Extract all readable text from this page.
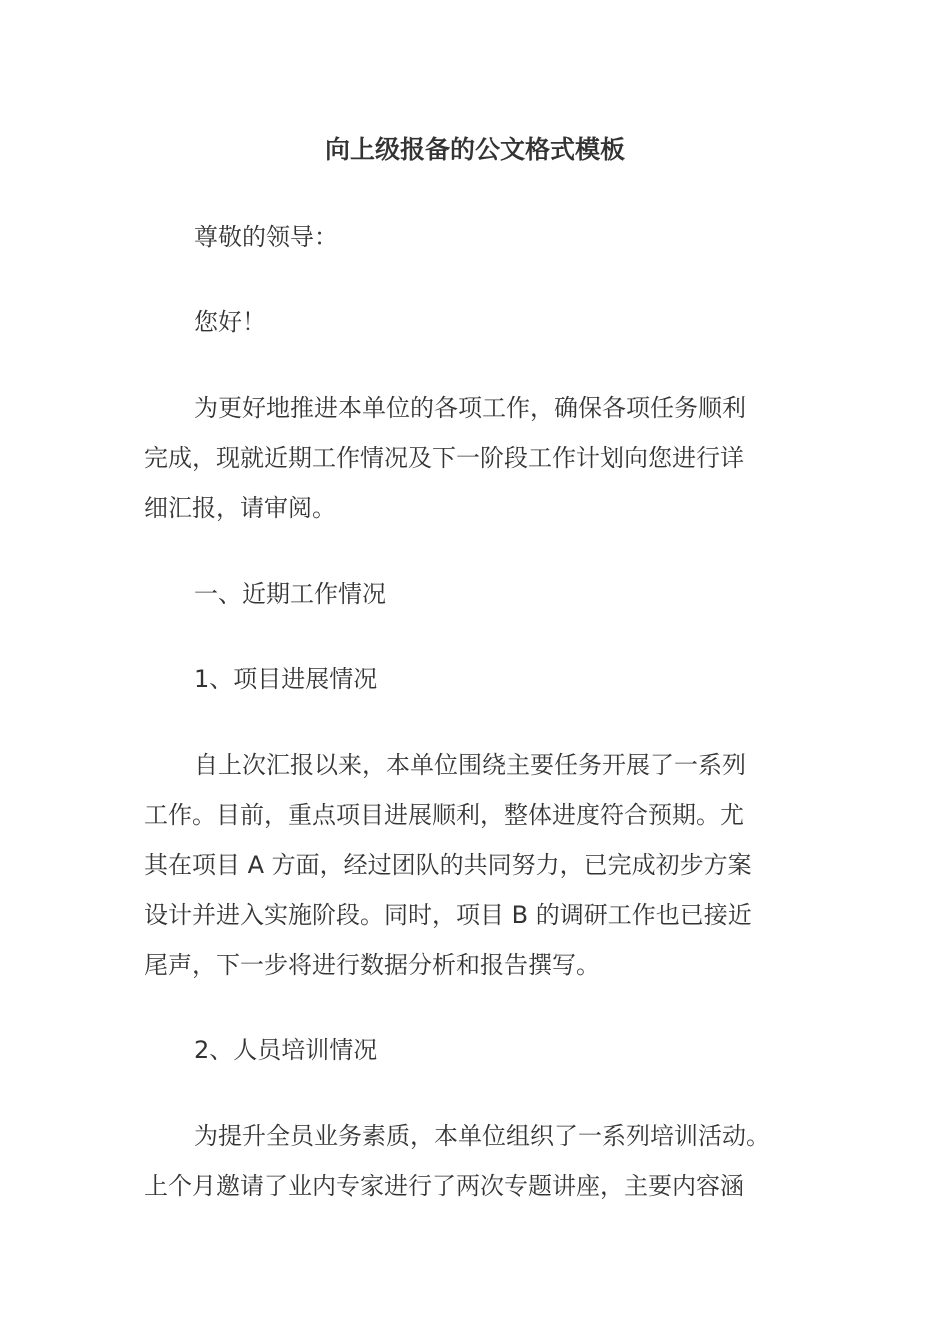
向上级报备的公文格式模板

尊敬的领导：

您好！

为更好地推进本单位的各项工作，确保各项任务顺利
完成，现就近期工作情况及下一阶段工作计划向您进行详
细汇报，请审阅。

一、近期工作情况

1、项目进展情况

自上次汇报以来，本单位围绕主要任务开展了一系列
工作。目前，重点项目进展顺利，整体进度符合预期。尤
其在项目 A 方面，经过团队的共同努力，已完成初步方案
设计并进入实施阶段。同时，项目 B 的调研工作也已接近
尾声，下一步将进行数据分析和报告撰写。

2、人员培训情况

为提升全员业务素质，本单位组织了一系列培训活动。
上个月邀请了业内专家进行了两次专题讲座，主要内容涵
